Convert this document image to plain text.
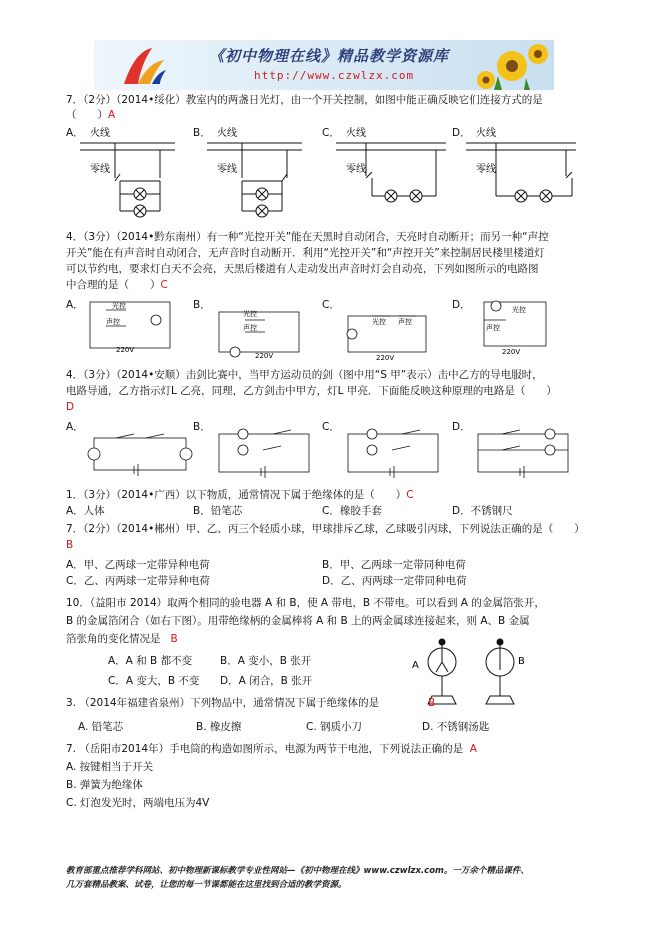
《初中物理在线》精品教学资源库
http://www.czwlzx.com
7．（2分）（2014•绥化）教室内的两盏日光灯，由一个开关控制，如图中能正确反映它们连接方式的是
（　　）A
A． 火线
零线
B． 火线
零线
C． 火线
零线
D． 火线
零线
4．（3分）（2014•黔东南州）有一种“光控开关”能在天黑时自动闭合，天亮时自动断开；而另一种“声控
开关”能在有声音时自动闭合，无声音时自动断开．利用“光控开关”和“声控开关”来控制居民楼里楼道灯
可以节约电，要求灯白天不会亮，天黑后楼道有人走动发出声音时灯会自动亮，下列如图所示的电路图
中合理的是（　　）C
A．	光控
声控
220V
B．
光控
声控
220V
C．
光控 声控
220V
D．	光控
声控
220V
4．（3分）（2014•安顺）击剑比赛中，当甲方运动员的剑（图中用“S 甲”表示）击中乙方的导电服时，
电路导通，乙方指示灯L 乙亮，同理，乙方剑击中甲方，灯L 甲亮．下面能反映这种原理的电路是（　　）
D
A．	B．	C．	D．
1．（3分）（2014•广西）以下物质，通常情况下属于绝缘体的是（　　）C
A．人体	B．铅笔芯	C．橡胶手套	D．不锈钢尺
7．（2分）（2014•郴州）甲、乙、丙三个轻质小球，甲球排斥乙球，乙球吸引丙球，下列说法正确的是（　　）
B
A．甲、乙两球一定带异种电荷	B．甲、乙两球一定带同种电荷
C．乙、丙两球一定带异种电荷	D．乙、丙两球一定带同种电荷
10．（益阳市 2014）取两个相同的验电器 A 和 B，使 A 带电，B 不带电。可以看到 A 的金属箔张开，
B 的金属箔闭合（如右下图）。用带绝缘柄的金属棒将 A 和 B 上的两金属球连接起来，则 A、B 金属
箔张角的变化情况是 B
A．A 和 B 都不变	B．A 变小，B 张开
C．A 变大，B 不变 D．A 闭合，B 张开
A	B
3. （2014年福建省泉州）下列物品中，通常情况下属于绝缘体的是	B
A. 铅笔芯	B. 橡皮擦	C. 钢质小刀	D. 不锈钢汤匙
7. （岳阳市2014年）手电筒的构造如图所示，电源为两节干电池，下列说法正确的是 A
A. 按键相当于开关
B. 弹簧为绝缘体
C. 灯泡发光时，两端电压为4V
教育部重点推荐学科网站、初中物理新课标教学专业性网站—《初中物理在线》www.czwlzx.com。一万余个精品课件、
几万套精品教案、试卷，让您的每一节课都能在这里找到合适的教学资源。
